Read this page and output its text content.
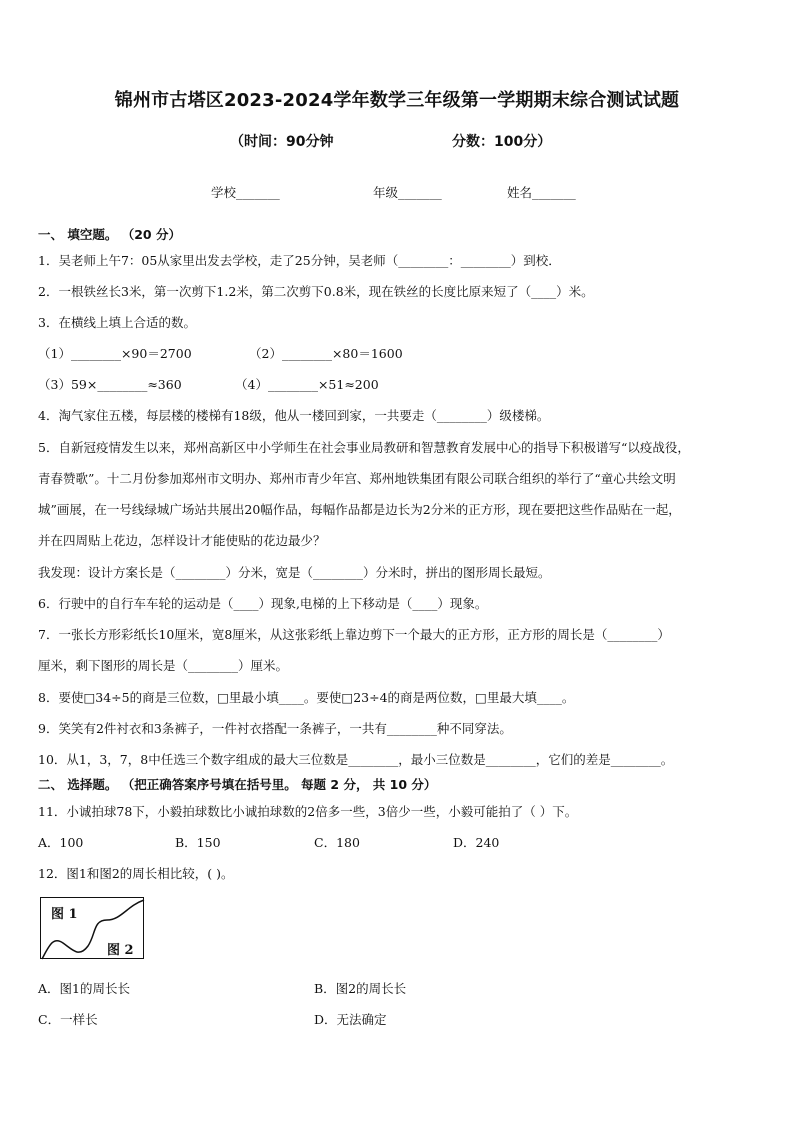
锦州市古塔区2023-2024学年数学三年级第一学期期末综合测试试题
（时间：90分钟	分数：100分）
学校_______	年级_______	姓名_______
一、 填空题。 （20 分）
1．吴老师上午7：05从家里出发去学校，走了25分钟，吴老师（________：________）到校．
2．一根铁丝长3米，第一次剪下1.2米，第二次剪下0.8米，现在铁丝的长度比原来短了（____）米。
3．在横线上填上合适的数。
（1）________×90＝2700	（2）________×80＝1600
（3）59×________≈360	（4）________×51≈200
4．淘气家住五楼，每层楼的楼梯有18级，他从一楼回到家，一共要走（________）级楼梯。
5．自新冠疫情发生以来，郑州高新区中小学师生在社会事业局教研和智慧教育发展中心的指导下积极谱写“以疫战役，
青春赞歌”。十二月份参加郑州市文明办、郑州市青少年宫、郑州地铁集团有限公司联合组织的举行了“童心共绘文明
城”画展，在一号线绿城广场站共展出20幅作品，每幅作品都是边长为2分米的正方形，现在要把这些作品贴在一起，
并在四周贴上花边，怎样设计才能使贴的花边最少？
我发现：设计方案长是（________）分米，宽是（________）分米时，拼出的图形周长最短。
6．行驶中的自行车车轮的运动是（____）现象,电梯的上下移动是（____）现象。
7．一张长方形彩纸长10厘米，宽8厘米，从这张彩纸上靠边剪下一个最大的正方形，正方形的周长是（________）
厘米，剩下图形的周长是（________）厘米。
8．要使□34÷5的商是三位数，□里最小填____。要使□23÷4的商是两位数，□里最大填____。
9．笑笑有2件衬衣和3条裤子，一件衬衣搭配一条裤子，一共有________种不同穿法。
10．从1，3，7，8中任选三个数字组成的最大三位数是________，最小三位数是________，它们的差是________。
二、 选择题。 （把正确答案序号填在括号里。 每题 2 分， 共 10 分）
11．小诚拍球78下，小毅拍球数比小诚拍球数的2倍多一些，3倍少一些，小毅可能拍了（ ）下。
A．100	B．150	C．180	D．240
12．图1和图2的周长相比较，( )。
图 1
图 2
A．图1的周长长	B．图2的周长长
C．一样长	D．无法确定
